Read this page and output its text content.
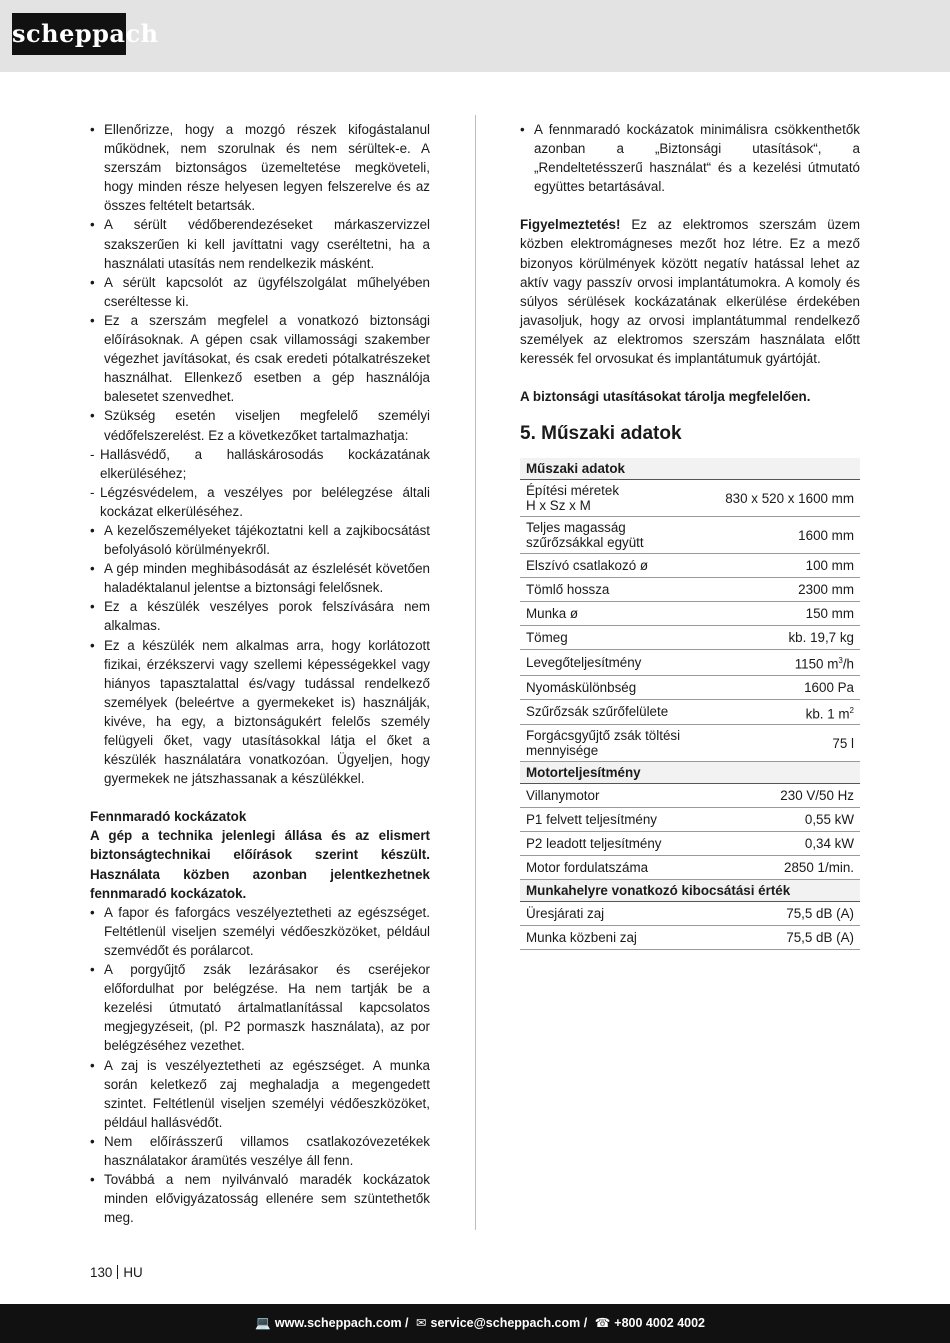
scheppach
• Ellenőrizze, hogy a mozgó részek kifogástalanul működnek, nem szorulnak és nem sérültek-e. A szerszám biztonságos üzemeltetése megköveteli, hogy minden része helyesen legyen felszerelve és az összes feltételt betartsák.
• A sérült védőberendezéseket márkaszervizzel szakszerűen ki kell javíttatni vagy cseréltetni, ha a használati utasítás nem rendelkezik másként.
• A sérült kapcsolót az ügyfélszolgálat műhelyében cseréltesse ki.
• Ez a szerszám megfelel a vonatkozó biztonsági előírásoknak. A gépen csak villamossági szakember végezhet javításokat, és csak eredeti pótalkatrészeket használhat. Ellenkező esetben a gép használója balesetet szenvedhet.
• Szükség esetén viseljen megfelelő személyi védőfelszerelést. Ez a következőket tartalmazhatja:
- Hallásvédő, a halláskárosodás kockázatának elkerüléséhez;
- Légzésvédelem, a veszélyes por belélegzése általi kockázat elkerüléséhez.
• A kezelőszemélyeket tájékoztatni kell a zajkibocsátást befolyásoló körülményekről.
• A gép minden meghibásodását az észlelését követően haladéktalanul jelentse a biztonsági felelősnek.
• Ez a készülék veszélyes porok felszívására nem alkalmas.
• Ez a készülék nem alkalmas arra, hogy korlátozott fizikai, érzékszervi vagy szellemi képességekkel vagy hiányos tapasztalattal és/vagy tudással rendelkező személyek (beleértve a gyermekeket is) használják, kivéve, ha egy, a biztonságukért felelős személy felügyeli őket, vagy utasításokkal látja el őket a készülék használatára vonatkozóan. Ügyeljen, hogy gyermekek ne játszhassanak a készülékkel.

Fennmaradó kockázatok

A gép a technika jelenlegi állása és az elismert biztonságtechnikai előírások szerint készült. Használata közben azonban jelentkezhetnek fennmaradó kockázatok.

• A fapor és faforgács veszélyeztetheti az egészséget. Feltétlenül viseljen személyi védőeszközöket, például szemvédőt és porálarcot.
• A porgyűjtő zsák lezárásakor és cseréjekor előfordulhat por belégzése. Ha nem tartják be a kezelési útmutató ártalmatlanítással kapcsolatos megjegyzéseit, (pl. P2 pormaszk használata), az por belégzéséhez vezethet.
• A zaj is veszélyeztetheti az egészséget. A munka során keletkező zaj meghaladja a megengedett szintet. Feltétlenül viseljen személyi védőeszközöket, például hallásvédőt.
• Nem előírásszerű villamos csatlakozóvezetékek használatakor áramütés veszélye áll fenn.
• Továbbá a nem nyilvánvaló maradék kockázatok minden elővigyázatosság ellenére sem szüntethetők meg.
• A fennmaradó kockázatok minimálisra csökkenthetők azonban a „Biztonsági utasítások“, a „Rendeltetésszerű használat“ és a kezelési útmutató együttes betartásával.

Figyelmeztetés! Ez az elektromos szerszám üzem közben elektromágneses mezőt hoz létre. Ez a mező bizonyos körülmények között negatív hatással lehet az aktív vagy passzív orvosi implantátumokra. A komoly és súlyos sérülések kockázatának elkerülése érdekében javasoljuk, hogy az orvosi implantátummal rendelkező személyek az elektromos szerszám használata előtt keressék fel orvosukat és implantátumuk gyártóját.

A biztonsági utasításokat tárolja megfelelően.

5. Műszaki adatok
Műszaki adatok	
Építési méretek
H x Sz x M	830 x 520 x 1600 mm
Teljes magasság
szűrőzsákkal együtt	1600 mm
Elszívó csatlakozó ø	100 mm
Tömlő hossza	2300 mm
Munka ø	150 mm
Tömeg	kb. 19,7 kg
Levegőteljesítmény	1150 $m^3/h$
Nyomáskülönbség	1600 Pa
Szűrőzsák szűrőfelülete	kb. 1 $m^2$
Forgácsgyűjtő zsák töltési
mennyisége	75 l
Motorteljesítmény	
Villanymotor	230 V/50 Hz
P1 felvett teljesítmény	0,55 kW
P2 leadott teljesítmény	0,34 kW
Motor fordulatszáma	2850 1/min.
Munkahelyre vonatkozó kibocsátási érték	
Üresjárati zaj	75,5 dB (A)
Munka közbeni zaj	75,5 dB (A)
130 HU
💻 www.scheppach.com / ✉ service@scheppach.com / ☎ +800 4002 4002
